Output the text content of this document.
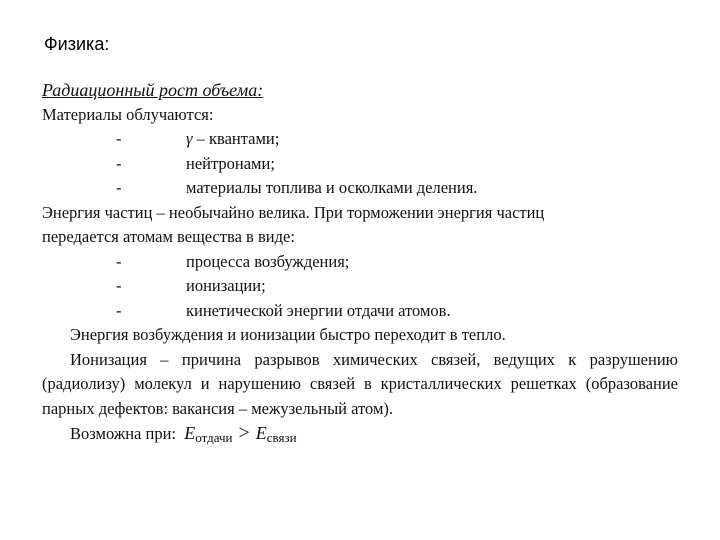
Физика:
Радиационный рост объема:
Материалы облучаются:
-	γ – квантами;
-	нейтронами;
-	материалы топлива и осколками деления.
Энергия частиц – необычайно велика. При торможении энергия частиц
передается атомам вещества в виде:
-	процесса возбуждения;
-	ионизации;
-	кинетической энергии отдачи атомов.
Энергия возбуждения и ионизации быстро переходит в тепло.
Ионизация – причина разрывов химических связей, ведущих к разрушению (радиолизу) молекул и нарушению связей в кристаллических решетках (образование парных дефектов: вакансия – межузельный атом).
Возможна при: $E_{отдачи} > E_{связи}$
